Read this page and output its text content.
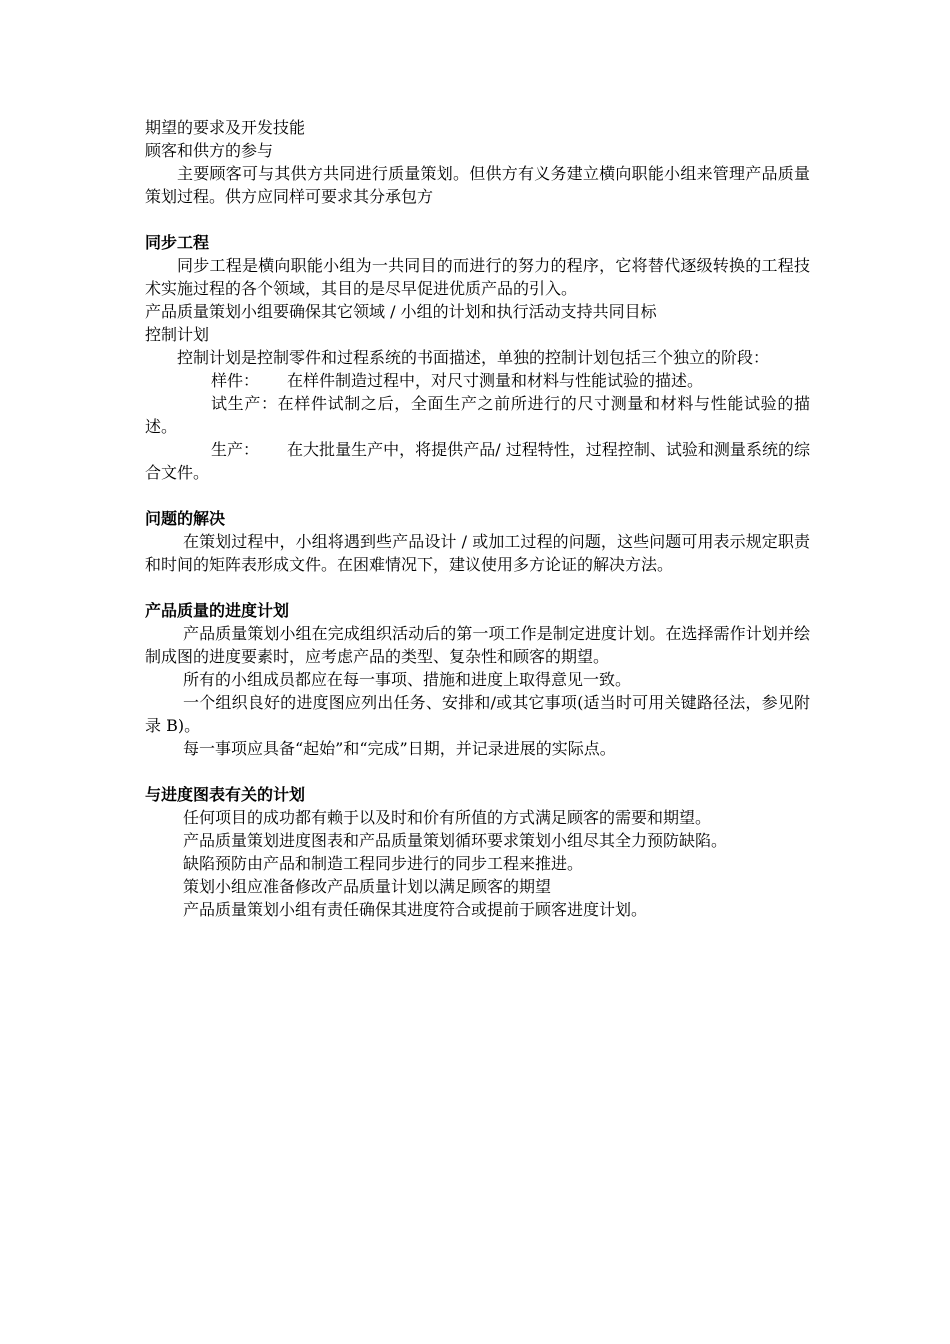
期望的要求及开发技能

顾客和供方的参与

主要顾客可与其供方共同进行质量策划。但供方有义务建立横向职能小组来管理产品质量策划过程。供方应同样可要求其分承包方

同步工程

同步工程是横向职能小组为一共同目的而进行的努力的程序，它将替代逐级转换的工程技术实施过程的各个领域，其目的是尽早促进优质产品的引入。

产品质量策划小组要确保其它领域 / 小组的计划和执行活动支持共同目标

控制计划

控制计划是控制零件和过程系统的书面描述，单独的控制计划包括三个独立的阶段：

样件： 在样件制造过程中，对尺寸测量和材料与性能试验的描述。

试生产：在样件试制之后，全面生产之前所进行的尺寸测量和材料与性能试验的描述。

生产： 在大批量生产中，将提供产品/ 过程特性，过程控制、试验和测量系统的综合文件。

问题的解决

在策划过程中，小组将遇到些产品设计 / 或加工过程的问题，这些问题可用表示规定职责和时间的矩阵表形成文件。在困难情况下，建议使用多方论证的解决方法。

产品质量的进度计划

产品质量策划小组在完成组织活动后的第一项工作是制定进度计划。在选择需作计划并绘制成图的进度要素时，应考虑产品的类型、复杂性和顾客的期望。

所有的小组成员都应在每一事项、措施和进度上取得意见一致。

一个组织良好的进度图应列出任务、安排和/或其它事项(适当时可用关键路径法，参见附录 B)。

每一事项应具备“起始”和“完成”日期，并记录进展的实际点。

与进度图表有关的计划

任何项目的成功都有赖于以及时和价有所值的方式满足顾客的需要和期望。

产品质量策划进度图表和产品质量策划循环要求策划小组尽其全力预防缺陷。

缺陷预防由产品和制造工程同步进行的同步工程来推进。

策划小组应准备修改产品质量计划以满足顾客的期望

产品质量策划小组有责任确保其进度符合或提前于顾客进度计划。
